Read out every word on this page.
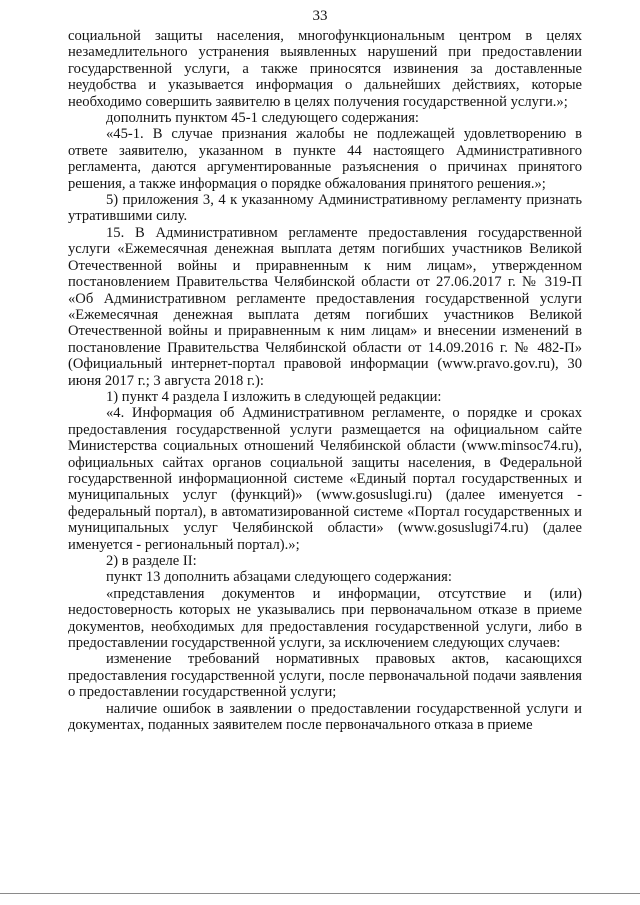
33

социальной защиты населения, многофункциональным центром в целях незамедлительного устранения выявленных нарушений при предоставлении государственной услуги, а также приносятся извинения за доставленные неудобства и указывается информация о дальнейших действиях, которые необходимо совершить заявителю в целях получения государственной услуги.»;

дополнить пунктом 45-1 следующего содержания:

«45-1. В случае признания жалобы не подлежащей удовлетворению в ответе заявителю, указанном в пункте 44 настоящего Административного регламента, даются аргументированные разъяснения о причинах принятого решения, а также информация о порядке обжалования принятого решения.»;

5) приложения 3, 4 к указанному Административному регламенту признать утратившими силу.

15. В Административном регламенте предоставления государственной услуги «Ежемесячная денежная выплата детям погибших участников Великой Отечественной войны и приравненным к ним лицам», утвержденном постановлением Правительства Челябинской области от 27.06.2017 г. № 319-П «Об Административном регламенте предоставления государственной услуги «Ежемесячная денежная выплата детям погибших участников Великой Отечественной войны и приравненным к ним лицам» и внесении изменений в постановление Правительства Челябинской области от 14.09.2016 г. № 482-П» (Официальный интернет-портал правовой информации (www.pravo.gov.ru), 30 июня 2017 г.; 3 августа 2018 г.):

1) пункт 4 раздела I изложить в следующей редакции:

«4. Информация об Административном регламенте, о порядке и сроках предоставления государственной услуги размещается на официальном сайте Министерства социальных отношений Челябинской области (www.minsoc74.ru), официальных сайтах органов социальной защиты населения, в Федеральной государственной информационной системе «Единый портал государственных и муниципальных услуг (функций)» (www.gosuslugi.ru) (далее именуется - федеральный портал), в автоматизированной системе «Портал государственных и муниципальных услуг Челябинской области» (www.gosuslugi74.ru) (далее именуется - региональный портал).»;

2) в разделе II:

пункт 13 дополнить абзацами следующего содержания:

«представления документов и информации, отсутствие и (или) недостоверность которых не указывались при первоначальном отказе в приеме документов, необходимых для предоставления государственной услуги, либо в предоставлении государственной услуги, за исключением следующих случаев:

изменение требований нормативных правовых актов, касающихся предоставления государственной услуги, после первоначальной подачи заявления о предоставлении государственной услуги;

наличие ошибок в заявлении о предоставлении государственной услуги и документах, поданных заявителем после первоначального отказа в приеме
